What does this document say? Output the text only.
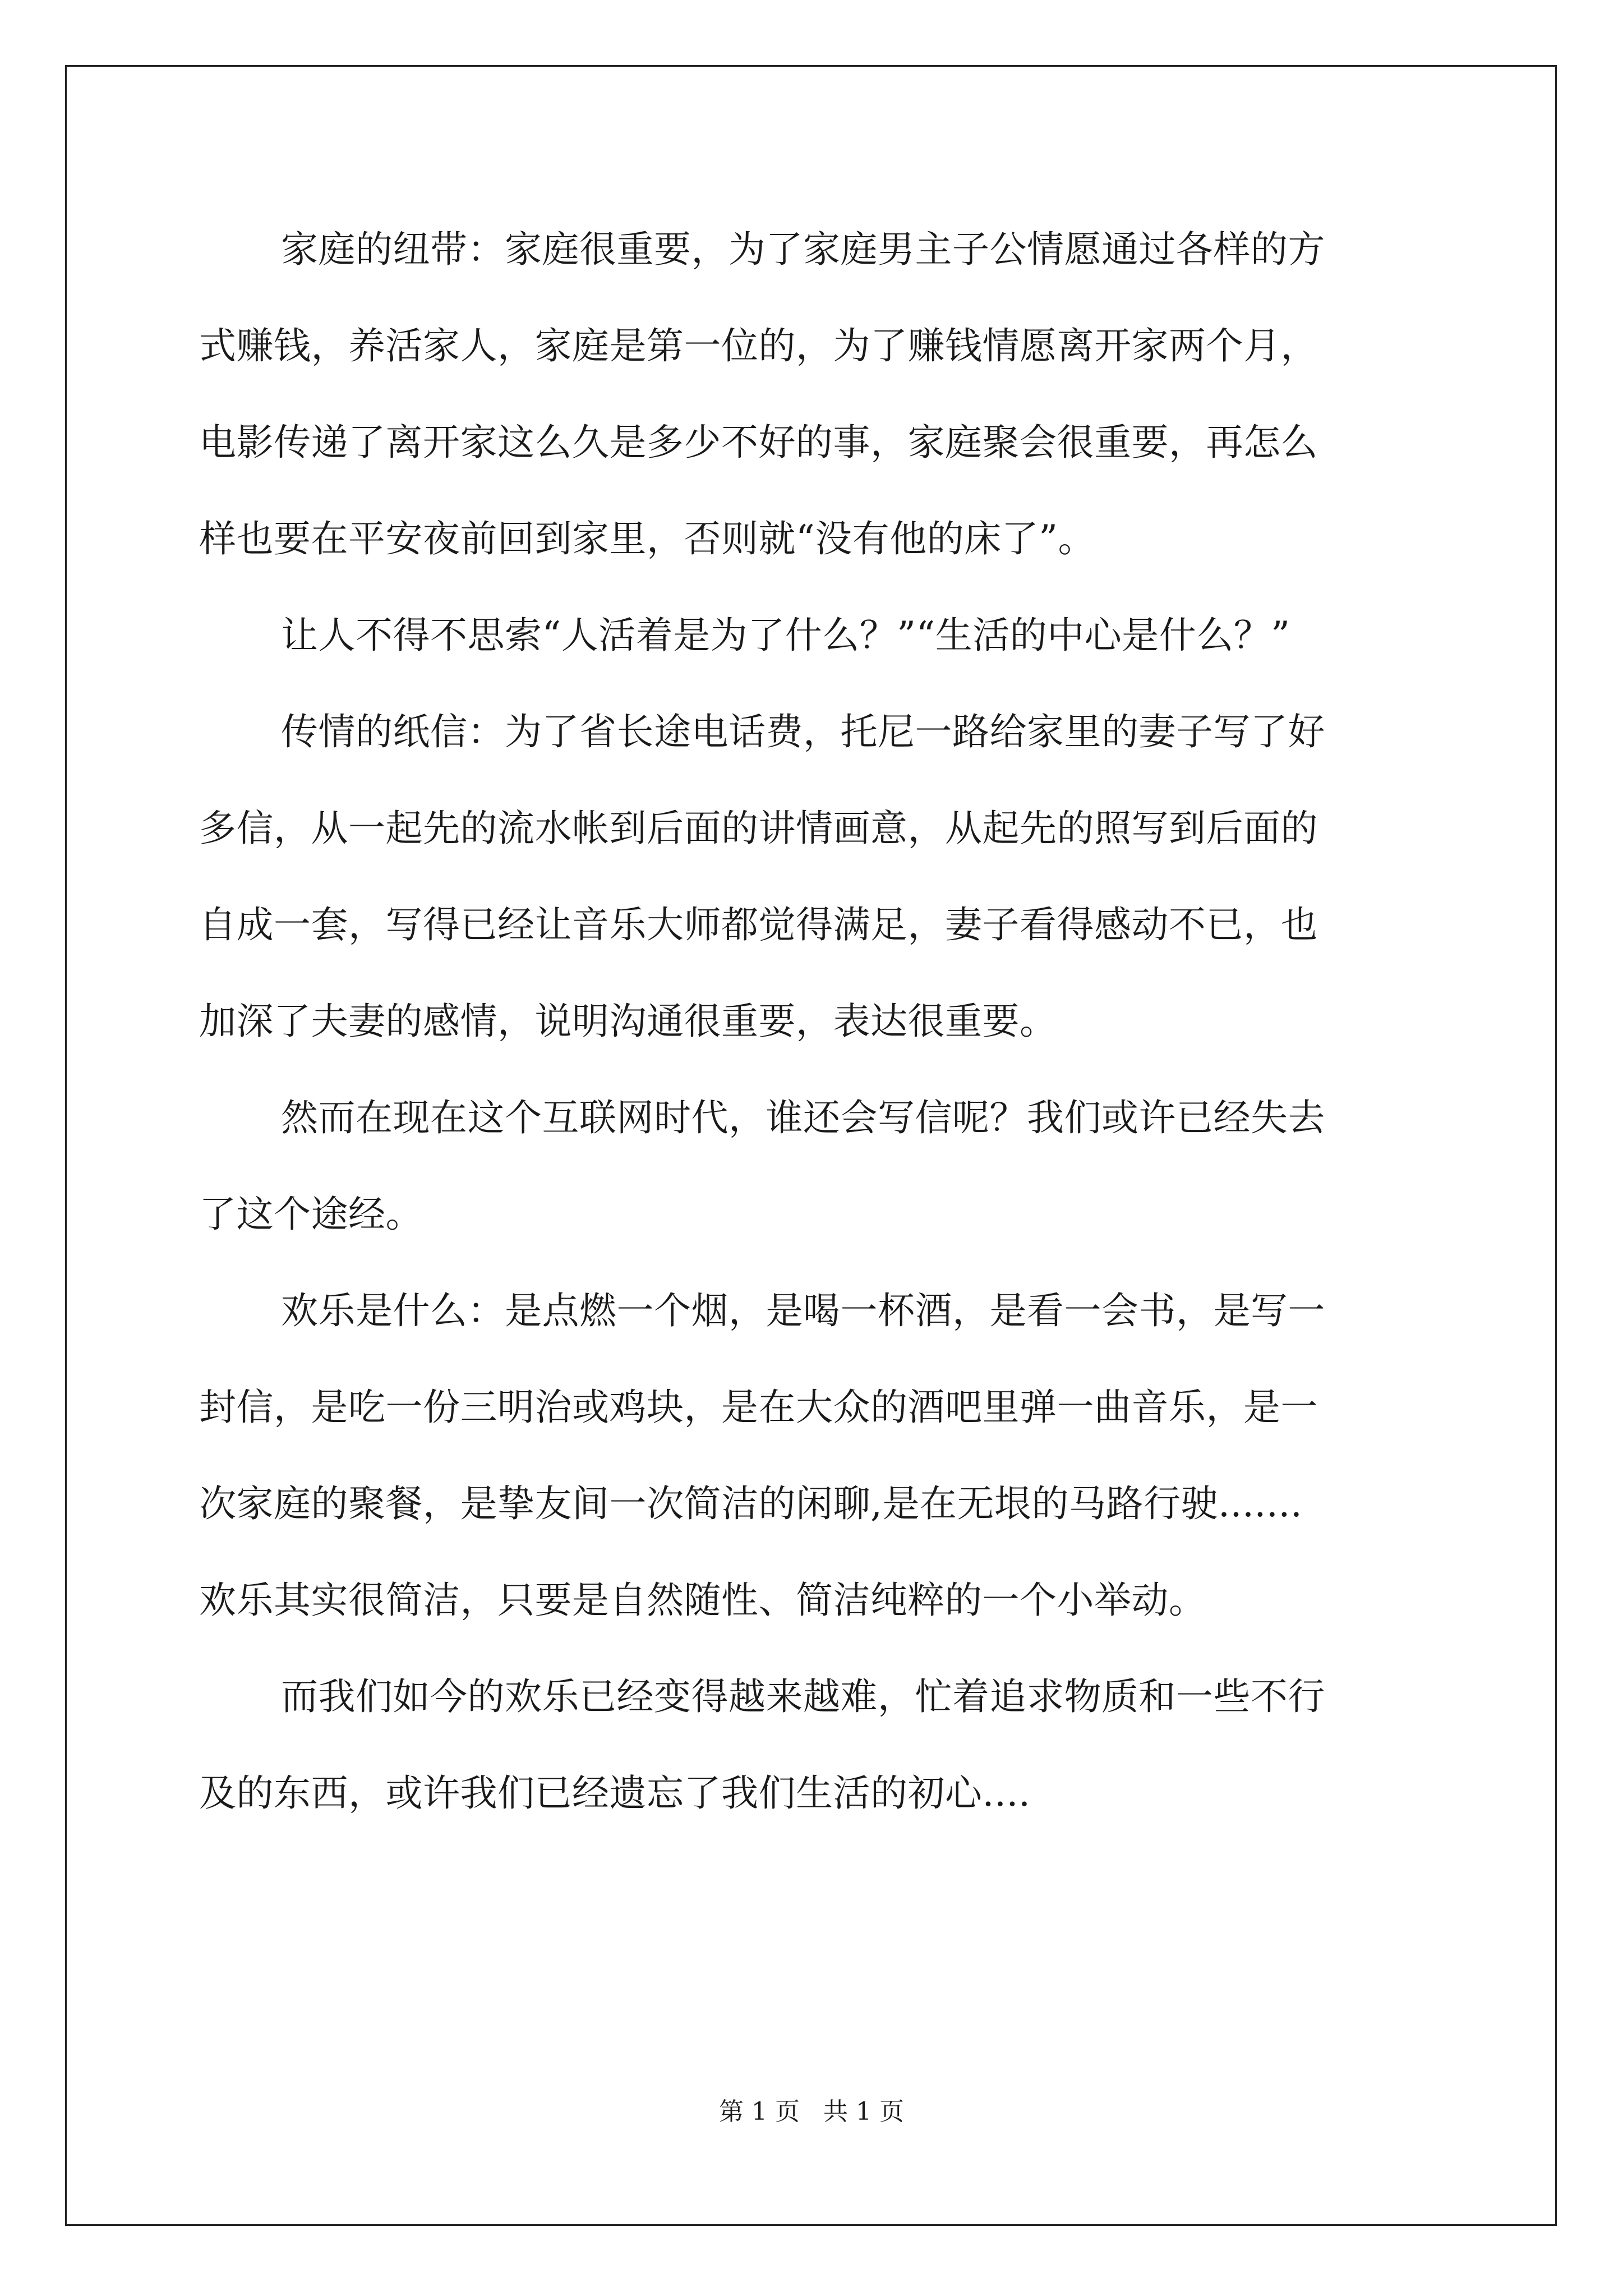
家庭的纽带：家庭很重要，为了家庭男主子公情愿通过各样的方
式赚钱，养活家人，家庭是第一位的，为了赚钱情愿离开家两个月，
电影传递了离开家这么久是多少不好的事，家庭聚会很重要，再怎么
样也要在平安夜前回到家里，否则就“没有他的床了”。
让人不得不思索“人活着是为了什么？”“生活的中心是什么？”
传情的纸信：为了省长途电话费，托尼一路给家里的妻子写了好
多信，从一起先的流水帐到后面的讲情画意，从起先的照写到后面的
自成一套，写得已经让音乐大师都觉得满足，妻子看得感动不已，也
加深了夫妻的感情，说明沟通很重要，表达很重要。
然而在现在这个互联网时代，谁还会写信呢？我们或许已经失去
了这个途经。
欢乐是什么：是点燃一个烟，是喝一杯酒，是看一会书，是写一
封信，是吃一份三明治或鸡块，是在大众的酒吧里弹一曲音乐，是一
次家庭的聚餐，是挚友间一次简洁的闲聊,是在无垠的马路行驶.......
欢乐其实很简洁，只要是自然随性、简洁纯粹的一个小举动。
而我们如今的欢乐已经变得越来越难，忙着追求物质和一些不行
及的东西，或许我们已经遗忘了我们生活的初心....
第 1 页   共 1 页
